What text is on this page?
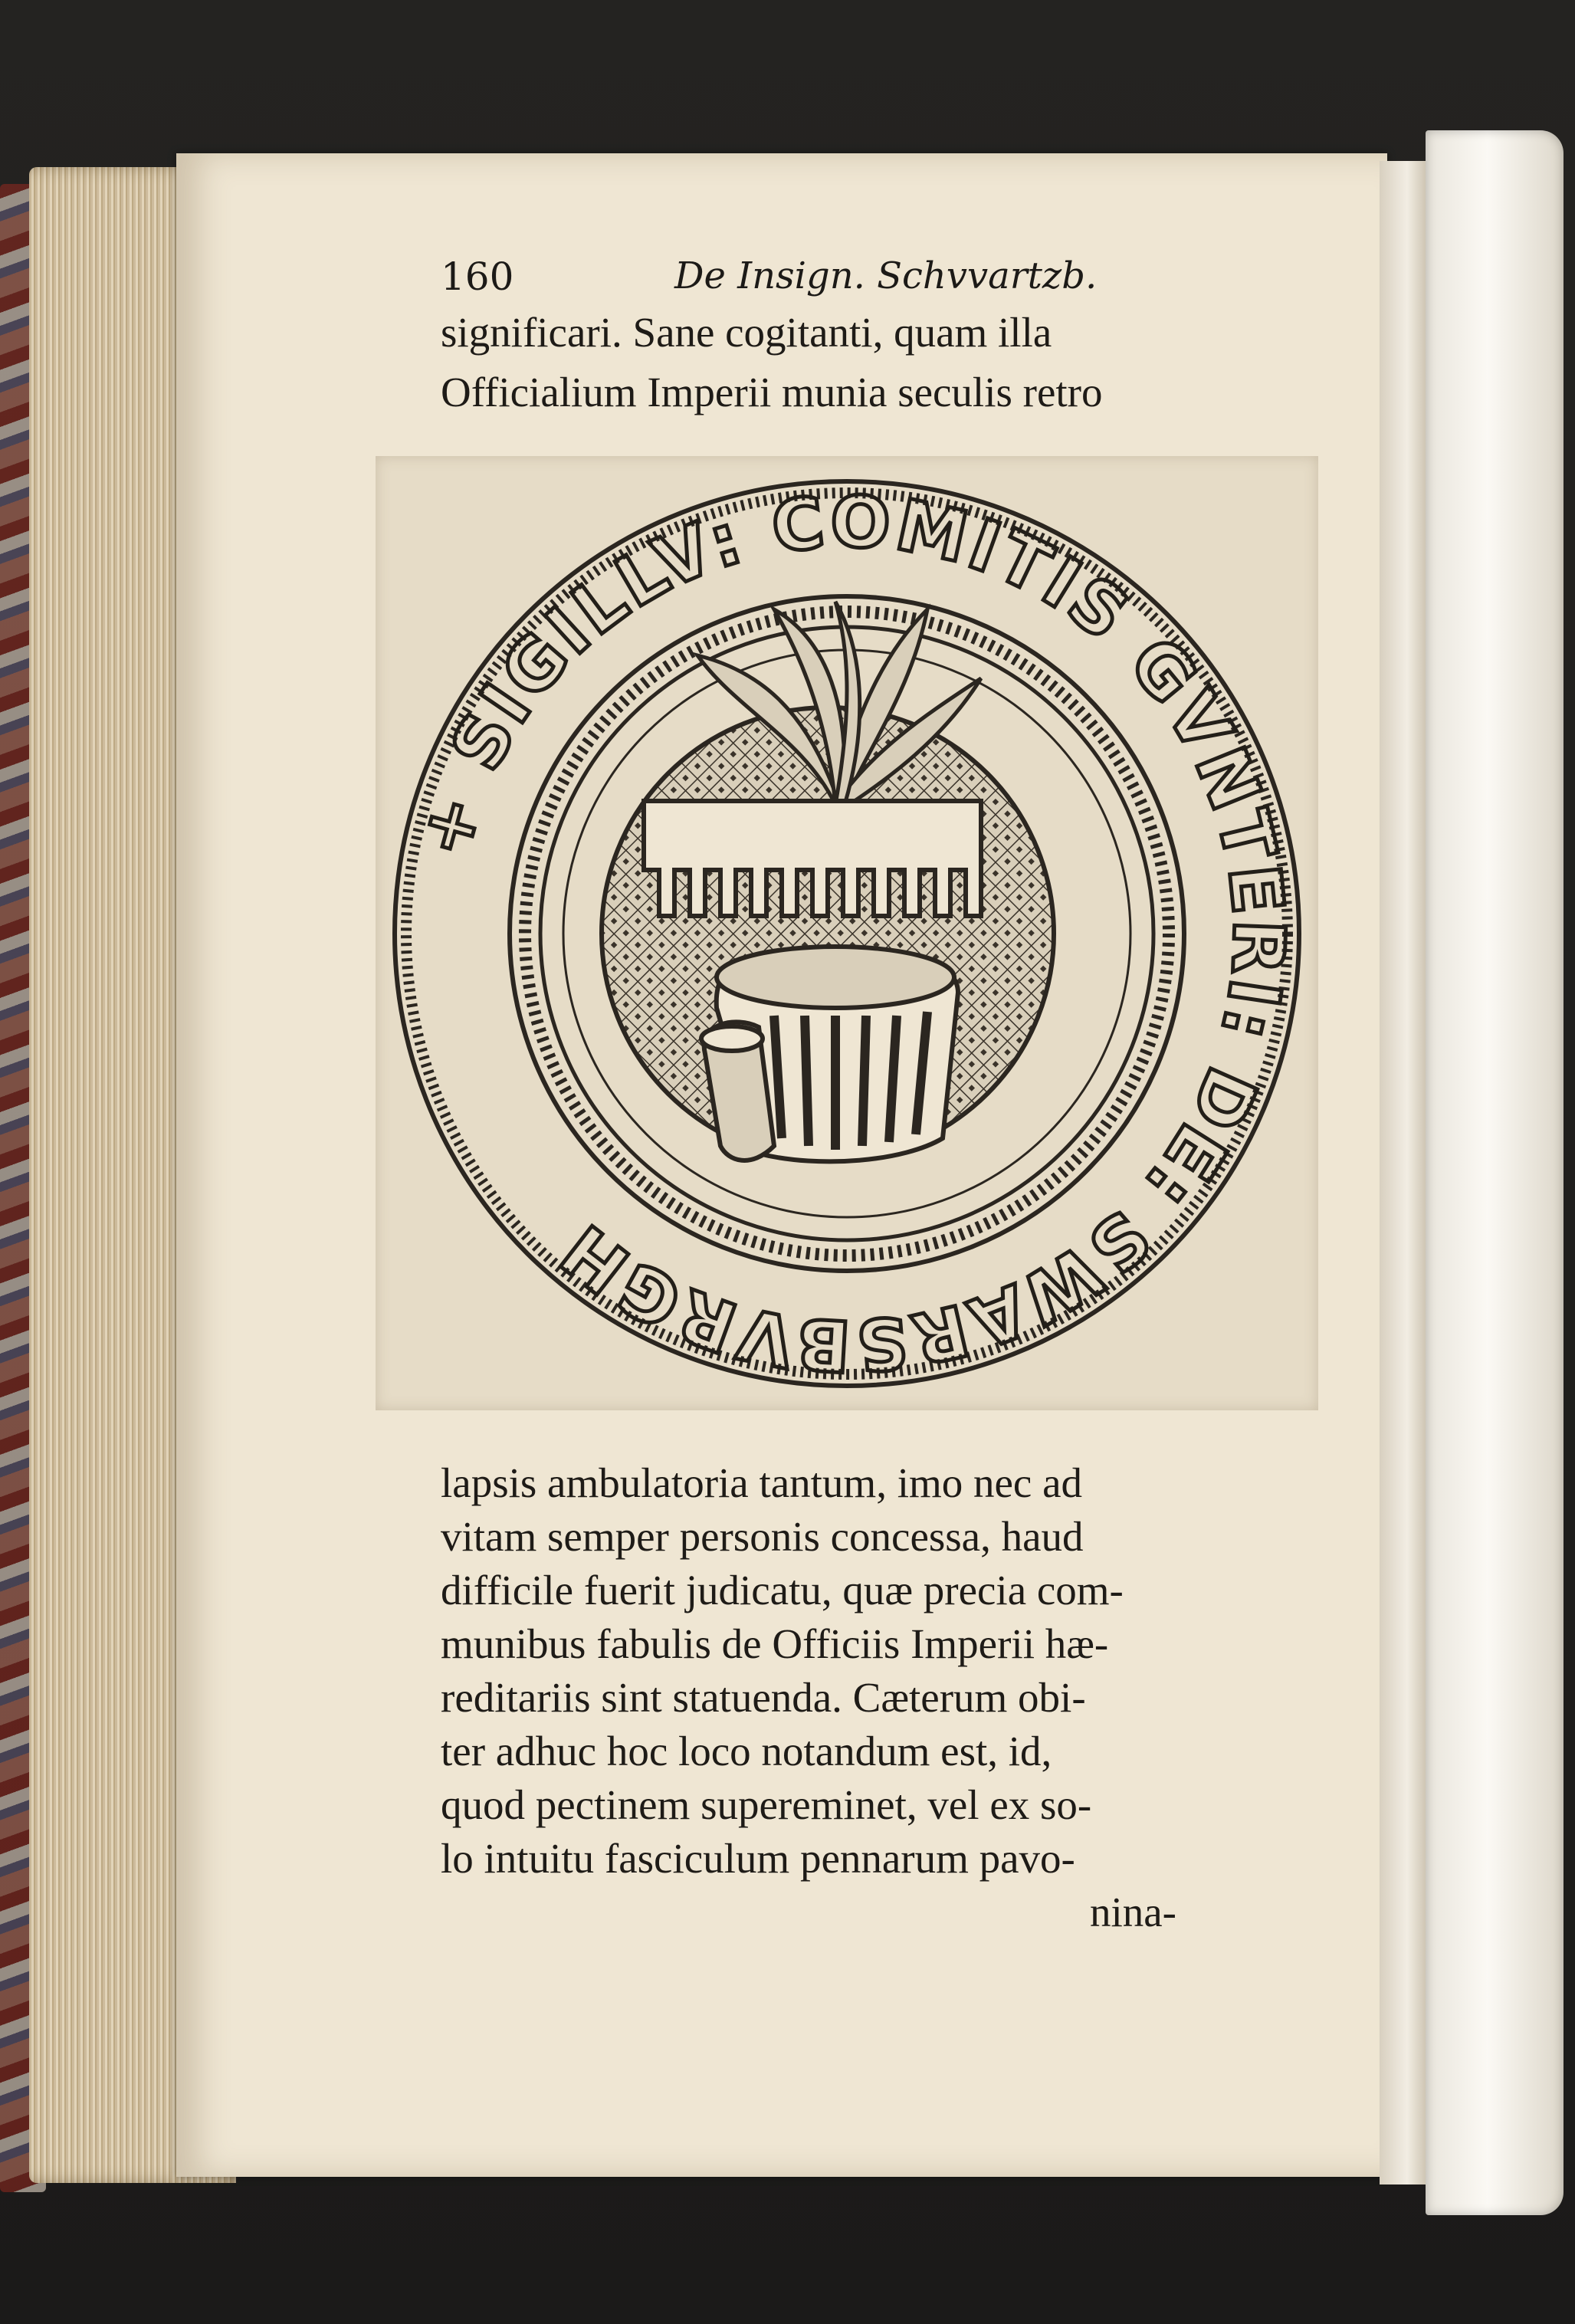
160	De Insign. Schvvartzb.
significari. Sane cogitanti, quam illa
Officialium Imperii munia seculis retro
+ SIGILLV: COMITIS GVNTERI: DE: SWARSBVRGH
lapsis ambulatoria tantum, imo nec ad
vitam semper personis concessa, haud
difficile fuerit judicatu, quæ precia com-
munibus fabulis de Officiis Imperii hæ-
reditariis sint statuenda. Cæterum obi-
ter adhuc hoc loco notandum est, id,
quod pectinem supereminet, vel ex so-
lo intuitu fasciculum pennarum pavo-
nina-
